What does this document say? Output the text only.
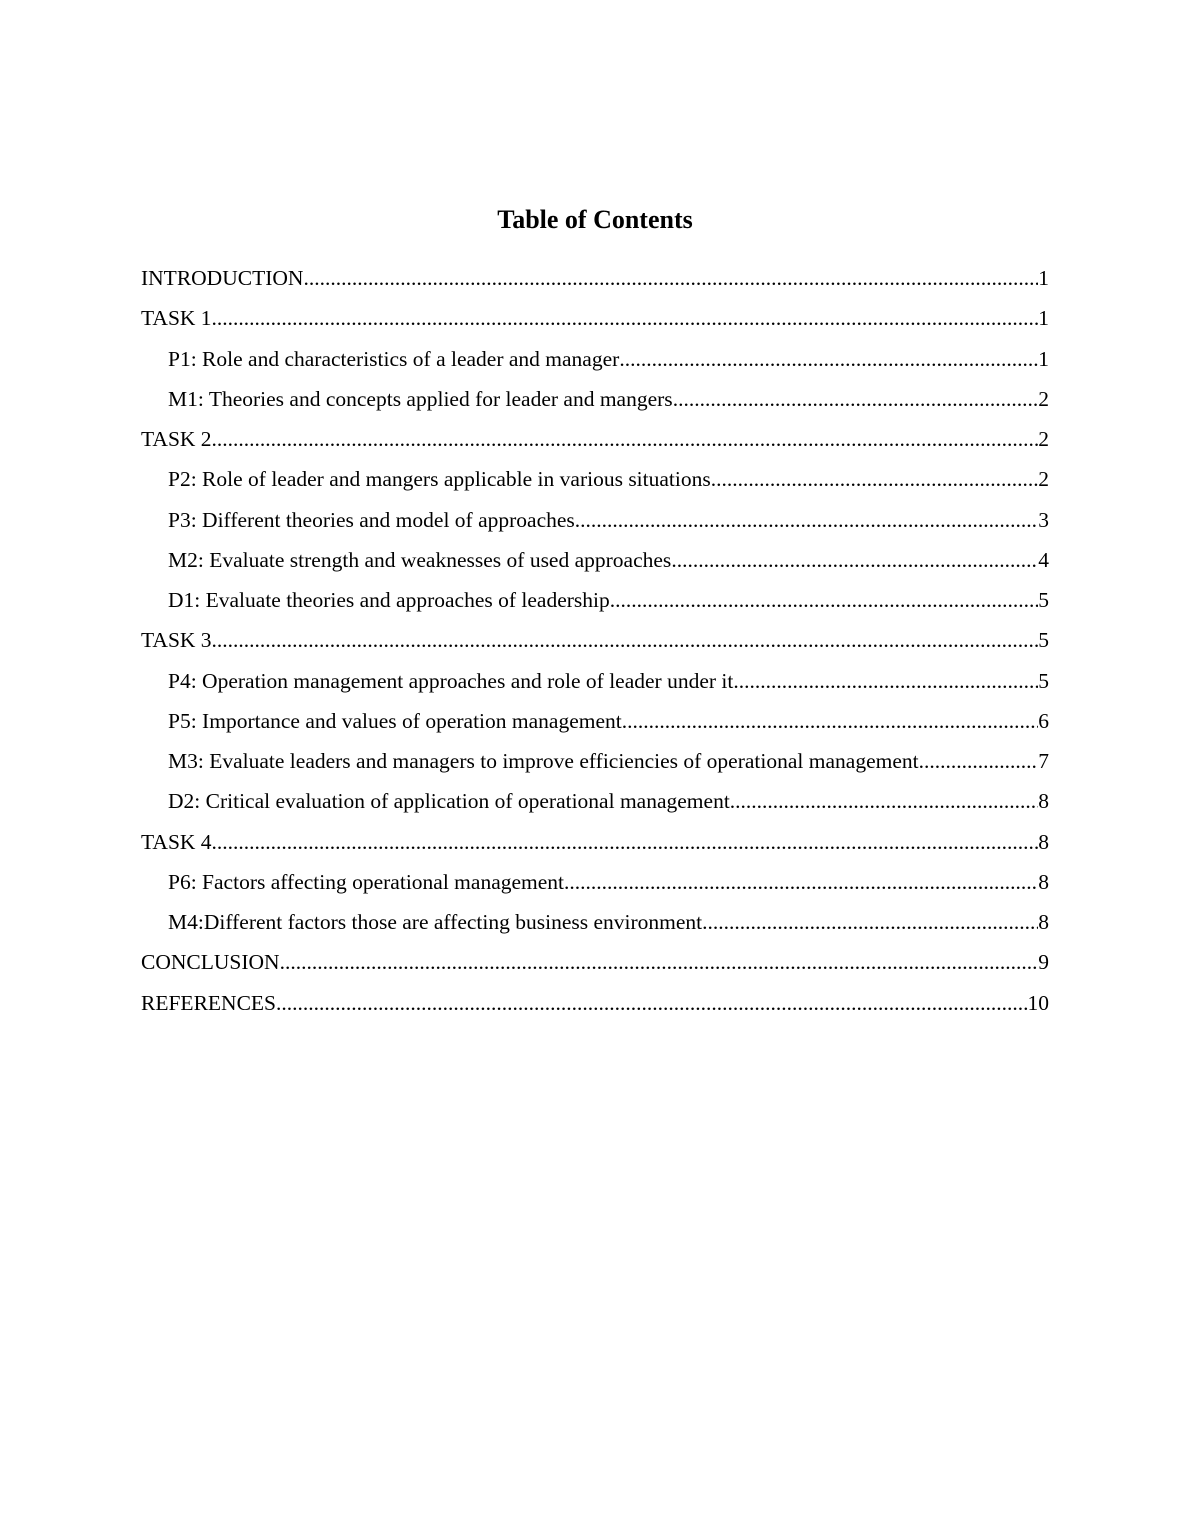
Table of Contents
INTRODUCTION .....	1
TASK 1 .....	1
P1: Role and characteristics of a leader and manager .....	1
M1: Theories and concepts applied for leader and mangers .....	2
TASK 2 .....	2
P2: Role of leader and mangers applicable in various situations .....	2
P3: Different theories and model of approaches .....	3
M2: Evaluate strength and weaknesses of used approaches .....	4
D1: Evaluate theories and approaches of leadership .....	5
TASK 3 .....	5
P4: Operation management approaches and role of leader under it .....	5
P5: Importance and values of operation management .....	6
M3: Evaluate leaders and managers to improve efficiencies of operational management .....	7
D2: Critical evaluation of application of operational management .....	8
TASK 4 .....	8
P6: Factors affecting operational management .....	8
M4:Different factors those are affecting business environment .....	8
CONCLUSION .....	9
REFERENCES .....	10
